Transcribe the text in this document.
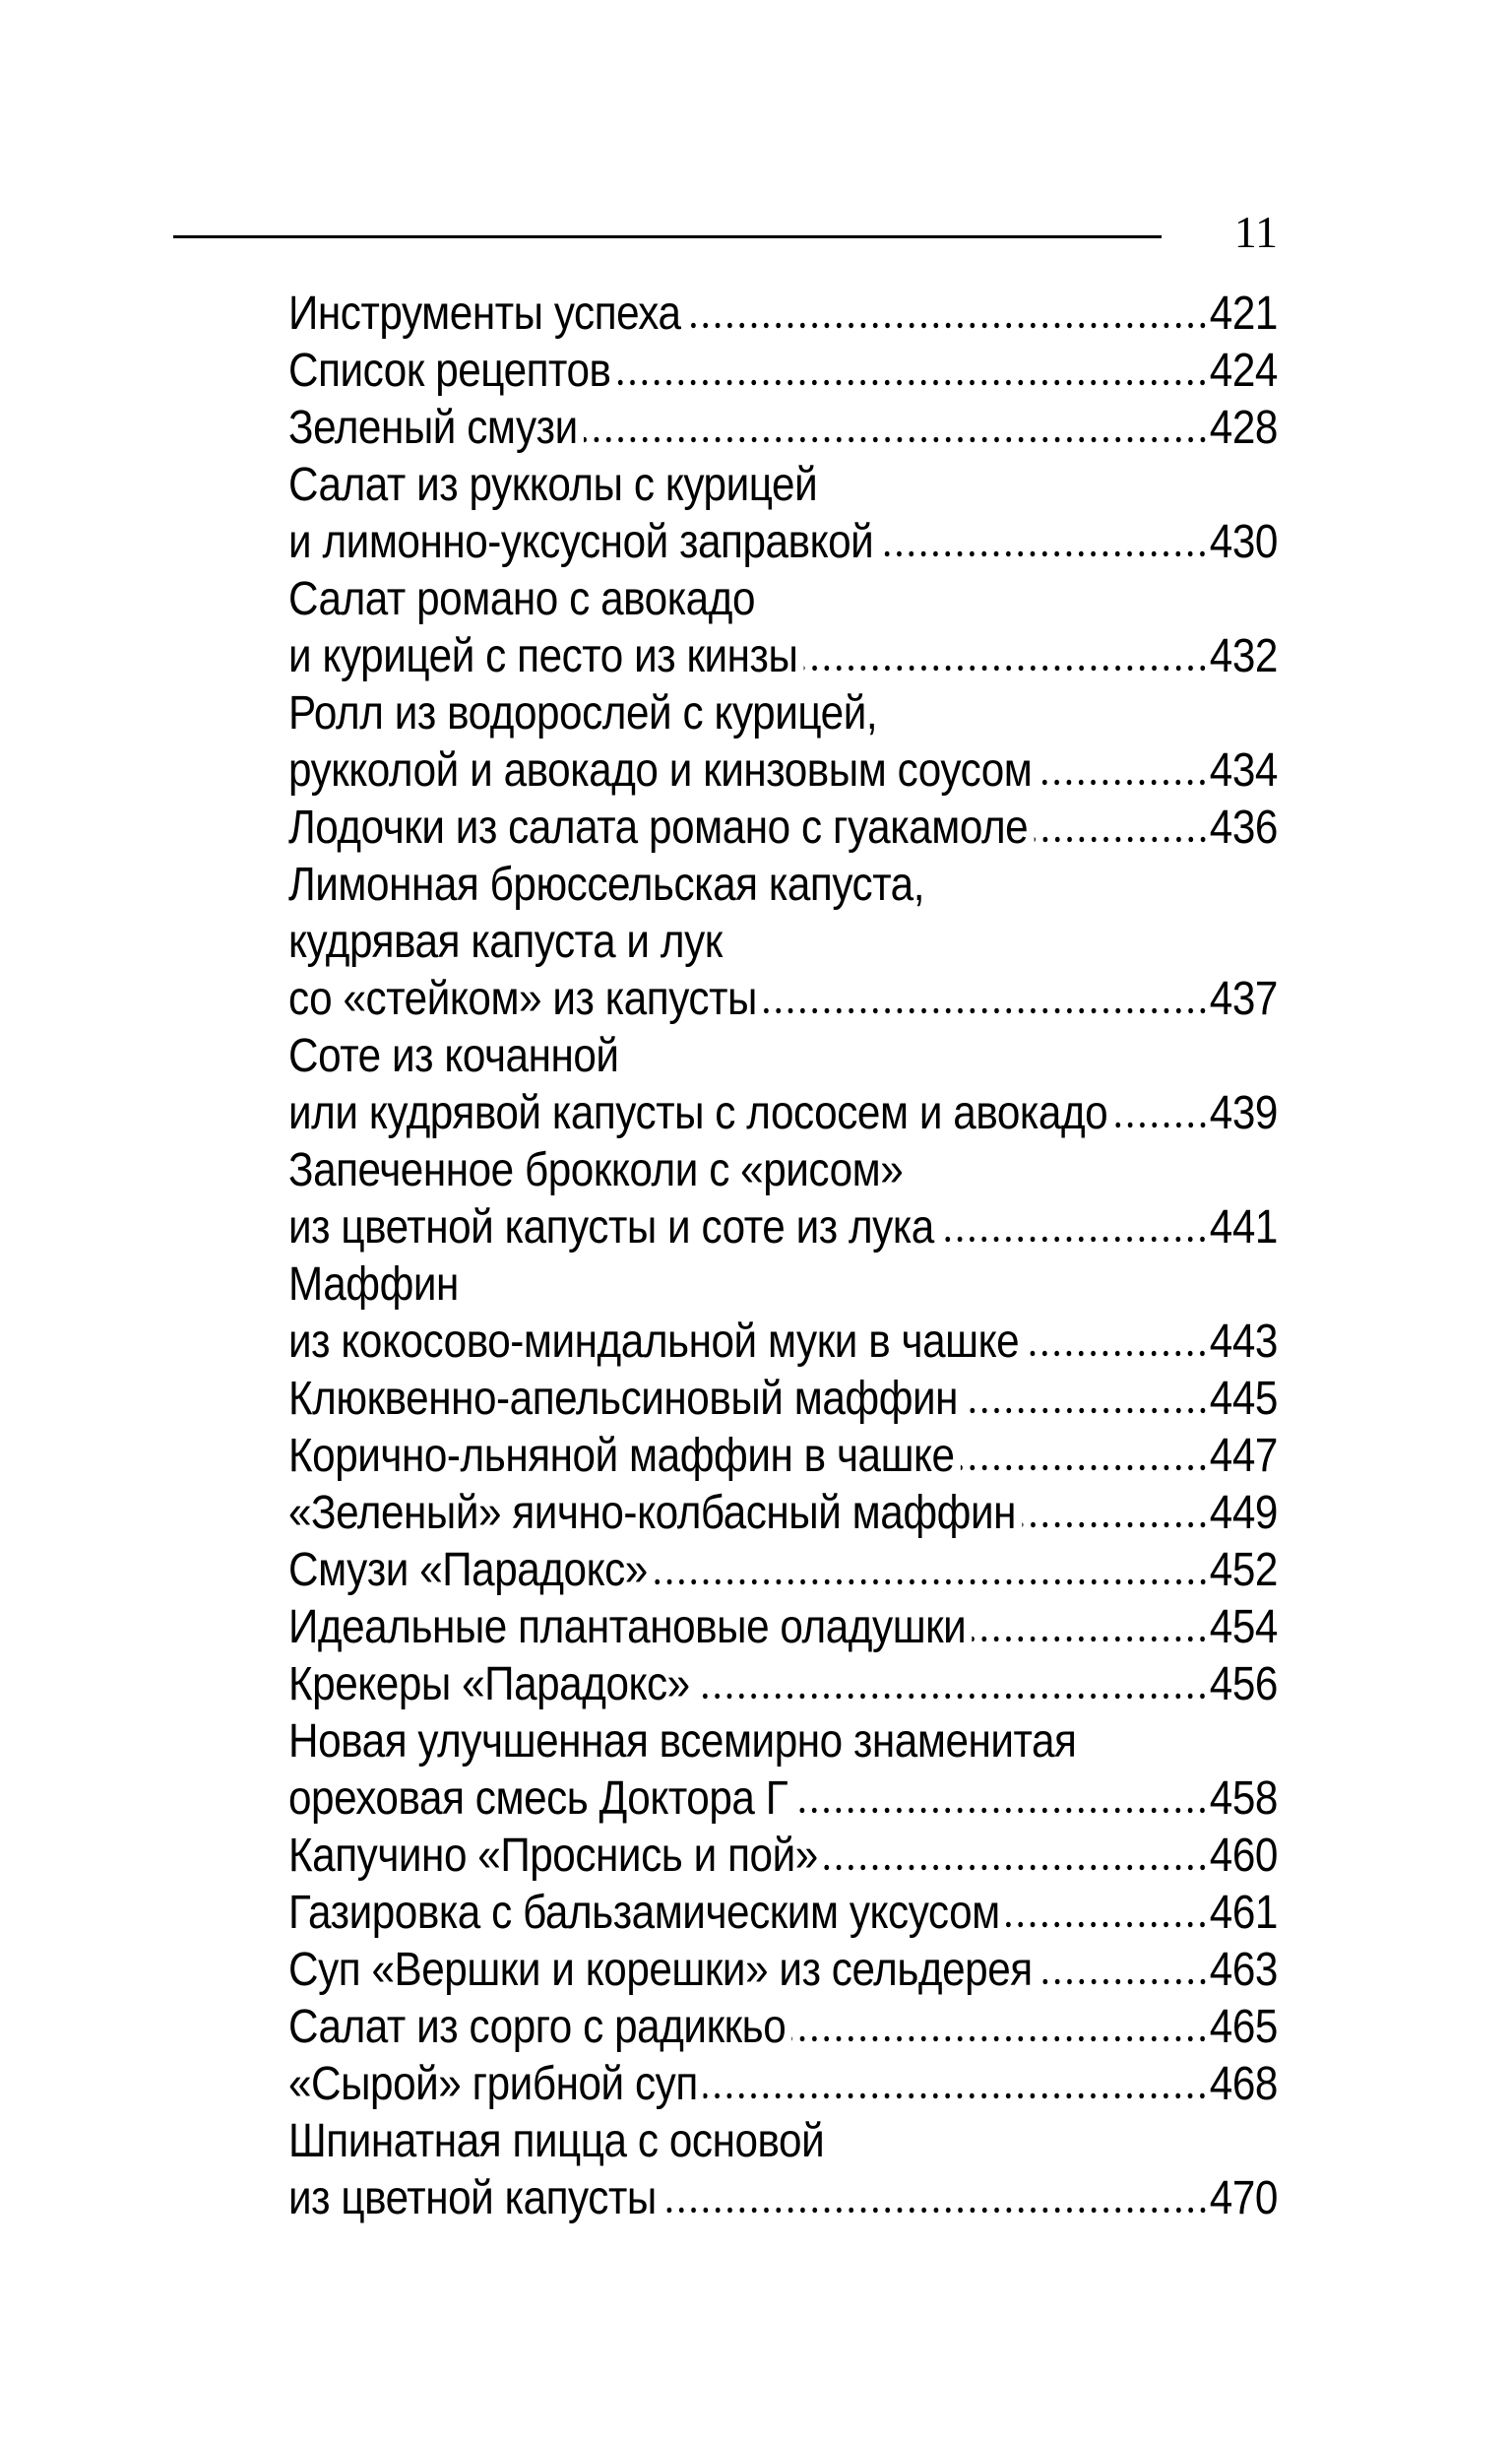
11
Инструменты успеха	421
Список рецептов	424
Зеленый смузи	428
Салат из рукколы с курицей
и лимонно-уксусной заправкой	430
Салат романо с авокадо
и курицей с песто из кинзы	432
Ролл из водорослей с курицей,
рукколой и авокадо и кинзовым соусом	434
Лодочки из салата романо с гуакамоле	436
Лимонная брюссельская капуста,
кудрявая капуста и лук
со «стейком» из капусты	437
Соте из кочанной
или кудрявой капусты с лососем и авокадо 439
Запеченное брокколи с «рисом»
из цветной капусты и соте из лука	441
Маффин
из кокосово-миндальной муки в чашке	443
Клюквенно-апельсиновый маффин	445
Корично-льняной маффин в чашке	447
«Зеленый» яично-колбасный маффин	449
Смузи «Парадокс»	452
Идеальные плантановые оладушки	454
Крекеры «Парадокс»	456
Новая улучшенная всемирно знаменитая
ореховая смесь Доктора Г	458
Капучино «Проснись и пой»	460
Газировка с бальзамическим уксусом	461
Суп «Вершки и корешки» из сельдерея	463
Салат из сорго с радиккьо	465
«Сырой» грибной суп	468
Шпинатная пицца с основой
из цветной капусты	470
